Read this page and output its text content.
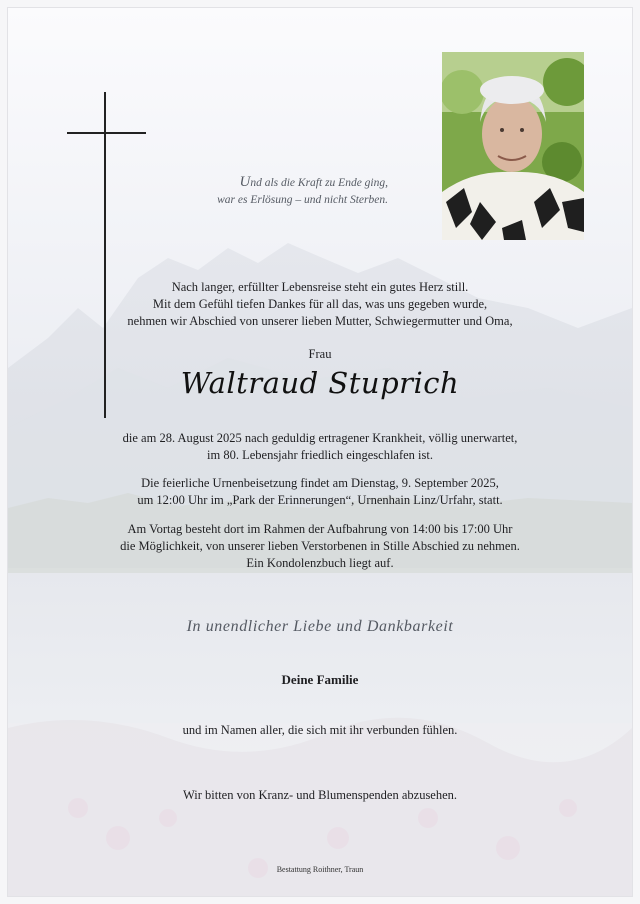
Und als die Kraft zu Ende ging,
war es Erlösung – und nicht Sterben.
Nach langer, erfüllter Lebensreise steht ein gutes Herz still.
Mit dem Gefühl tiefen Dankes für all das, was uns gegeben wurde,
nehmen wir Abschied von unserer lieben Mutter, Schwiegermutter und Oma,
Frau
Waltraud Stuprich
die am 28. August 2025 nach geduldig ertragener Krankheit, völlig unerwartet,
im 80. Lebensjahr friedlich eingeschlafen ist.
Die feierliche Urnenbeisetzung findet am Dienstag, 9. September 2025,
um 12:00 Uhr im „Park der Erinnerungen“, Urnenhain Linz/Urfahr, statt.
Am Vortag besteht dort im Rahmen der Aufbahrung von 14:00 bis 17:00 Uhr
die Möglichkeit, von unserer lieben Verstorbenen in Stille Abschied zu nehmen.
Ein Kondolenzbuch liegt auf.
In unendlicher Liebe und Dankbarkeit
Deine Familie
und im Namen aller, die sich mit ihr verbunden fühlen.
Wir bitten von Kranz- und Blumenspenden abzusehen.
Bestattung Roithner, Traun
